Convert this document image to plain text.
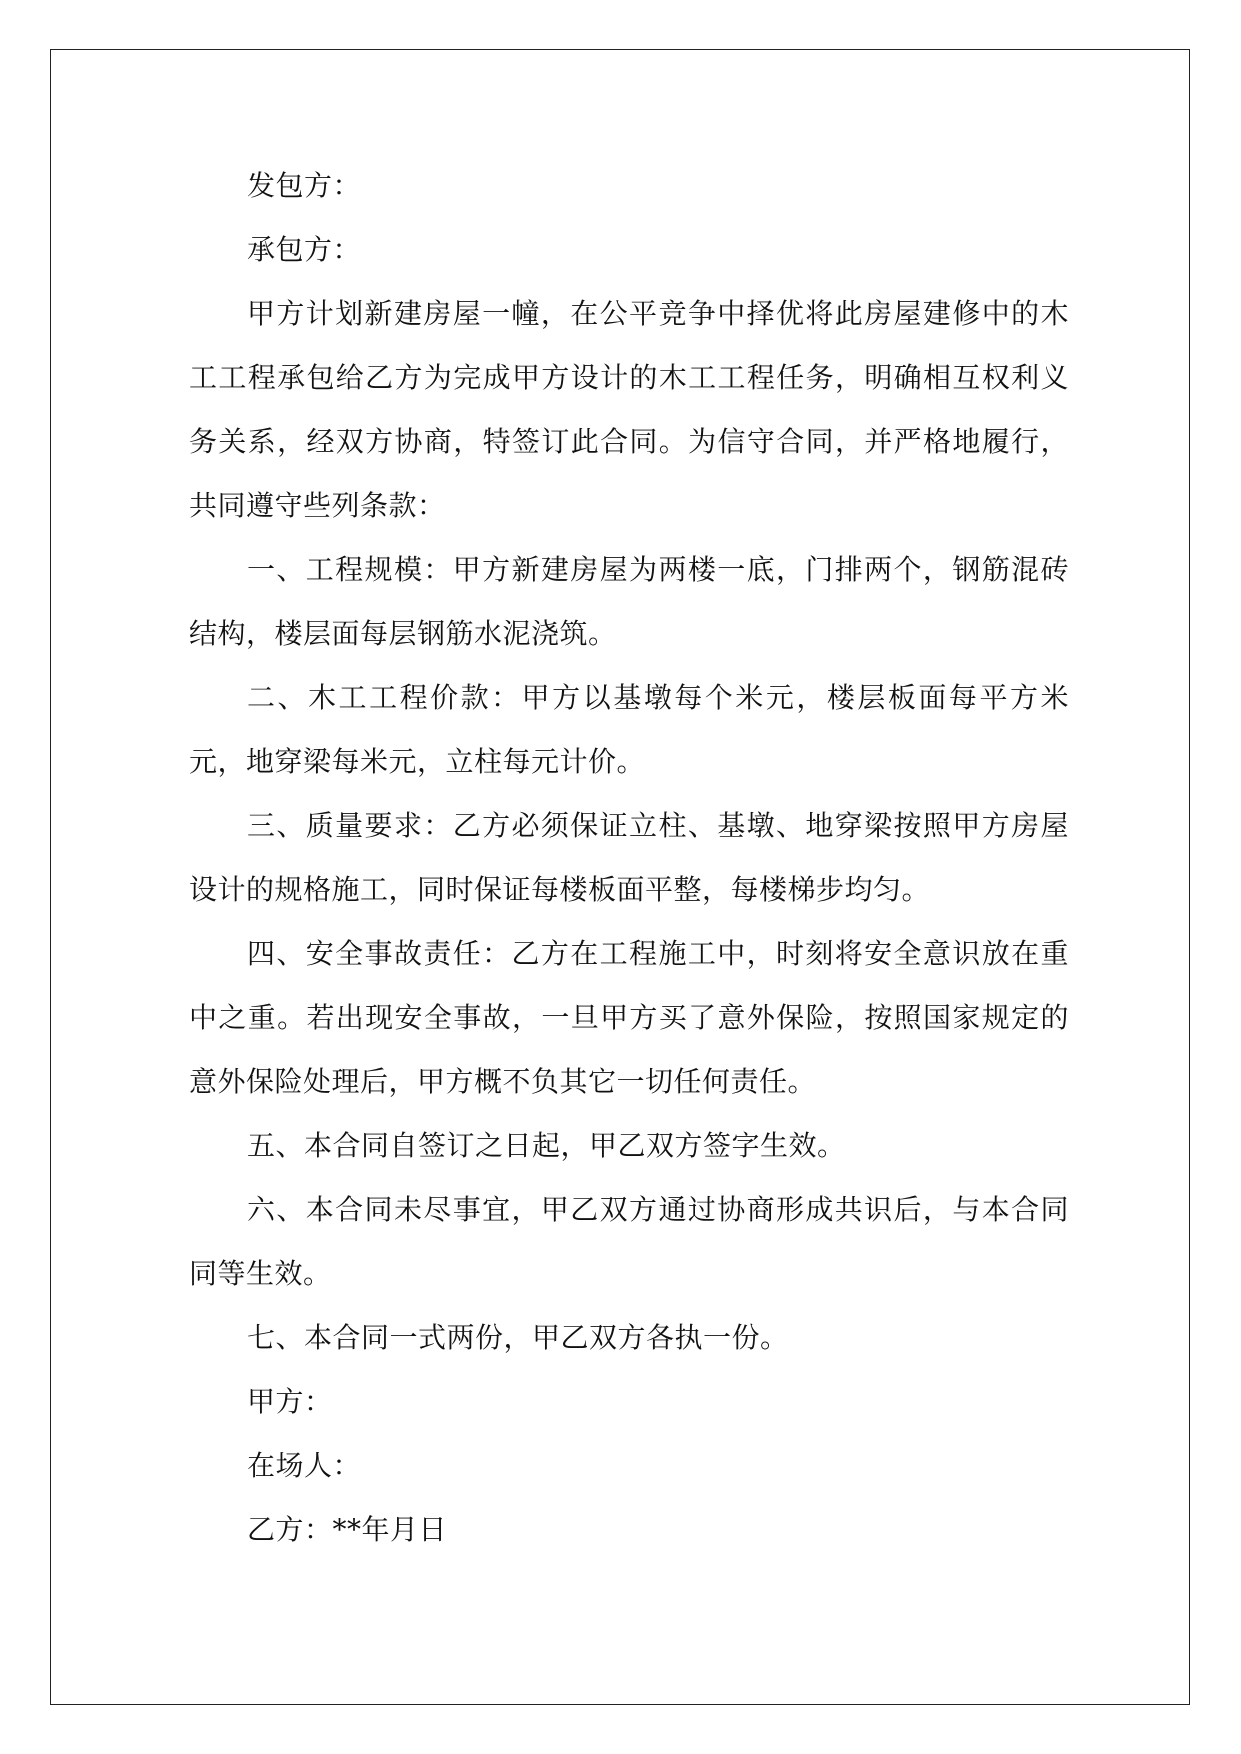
发包方：

承包方：

甲方计划新建房屋一幢，在公平竞争中择优将此房屋建修中的木工工程承包给乙方为完成甲方设计的木工工程任务，明确相互权利义务关系，经双方协商，特签订此合同。为信守合同，并严格地履行，共同遵守些列条款：

一、工程规模：甲方新建房屋为两楼一底，门排两个，钢筋混砖结构，楼层面每层钢筋水泥浇筑。

二、木工工程价款：甲方以基墩每个米元，楼层板面每平方米元，地穿梁每米元，立柱每元计价。

三、质量要求：乙方必须保证立柱、基墩、地穿梁按照甲方房屋设计的规格施工，同时保证每楼板面平整，每楼梯步均匀。

四、安全事故责任：乙方在工程施工中，时刻将安全意识放在重中之重。若出现安全事故，一旦甲方买了意外保险，按照国家规定的意外保险处理后，甲方概不负其它一切任何责任。

五、本合同自签订之日起，甲乙双方签字生效。

六、本合同未尽事宜，甲乙双方通过协商形成共识后，与本合同同等生效。

七、本合同一式两份，甲乙双方各执一份。

甲方：

在场人：

乙方：**年月日
